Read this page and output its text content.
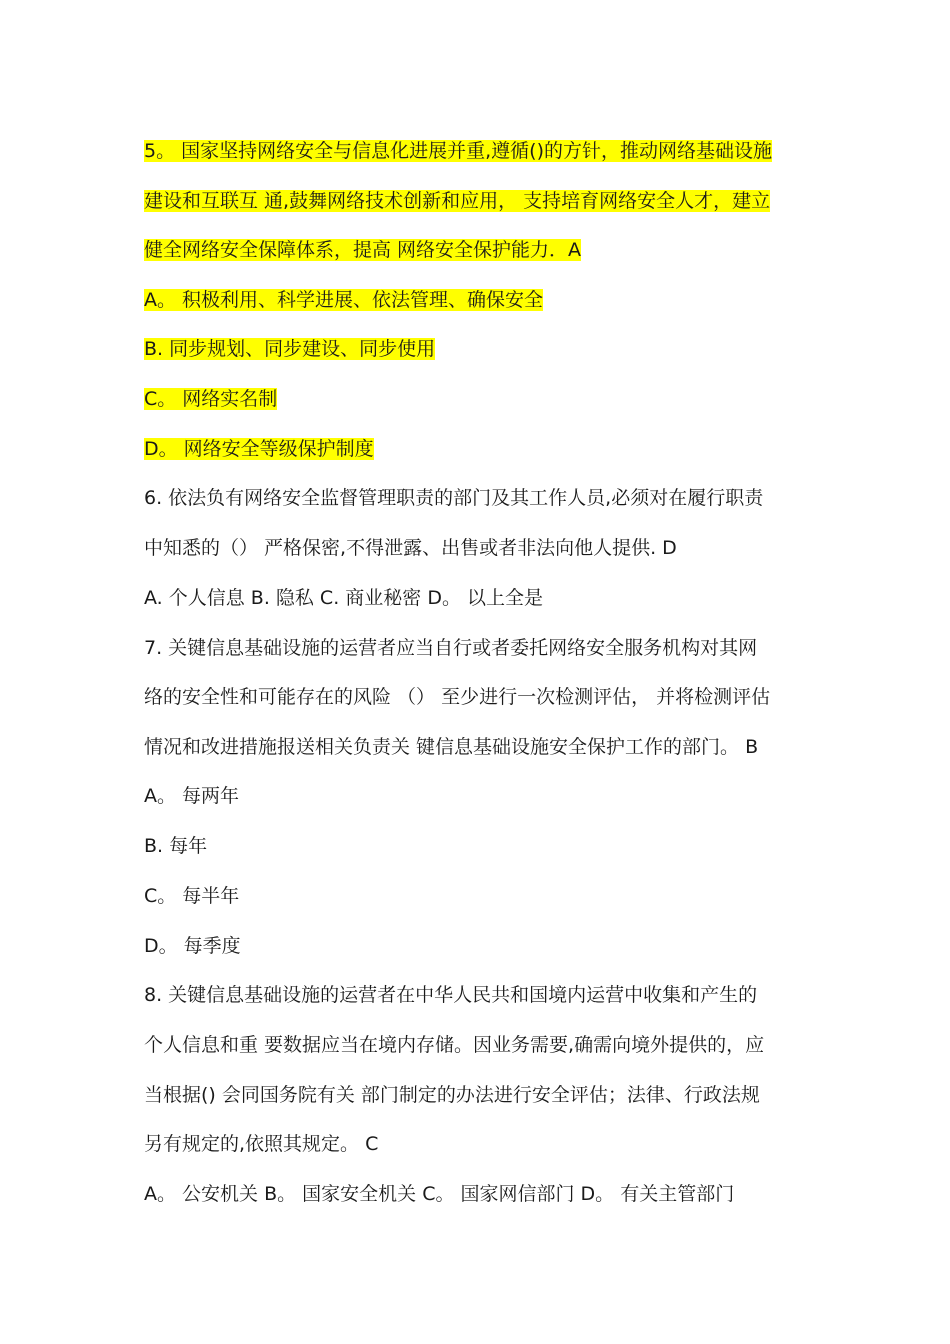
5。 国家坚持网络安全与信息化进展并重,遵循()的方针，推动网络基础设施
建设和互联互 通,鼓舞网络技术创新和应用， 支持培育网络安全人才，建立
健全网络安全保障体系，提高 网络安全保护能力．A
A。 积极利用、科学进展、依法管理、确保安全
B. 同步规划、同步建设、同步使用
C。 网络实名制
D。 网络安全等级保护制度
6. 依法负有网络安全监督管理职责的部门及其工作人员,必须对在履行职责
中知悉的（） 严格保密,不得泄露、出售或者非法向他人提供. D
A. 个人信息 B. 隐私 C. 商业秘密 D。 以上全是
7. 关键信息基础设施的运营者应当自行或者委托网络安全服务机构对其网
络的安全性和可能存在的风险 （） 至少进行一次检测评估， 并将检测评估
情况和改进措施报送相关负责关 键信息基础设施安全保护工作的部门。 B
A。 每两年
B. 每年
C。 每半年
D。 每季度
8. 关键信息基础设施的运营者在中华人民共和国境内运营中收集和产生的
个人信息和重 要数据应当在境内存储。因业务需要,确需向境外提供的，应
当根据() 会同国务院有关 部门制定的办法进行安全评估；法律、行政法规
另有规定的,依照其规定。 C
A。 公安机关 B。 国家安全机关 C。 国家网信部门 D。 有关主管部门
